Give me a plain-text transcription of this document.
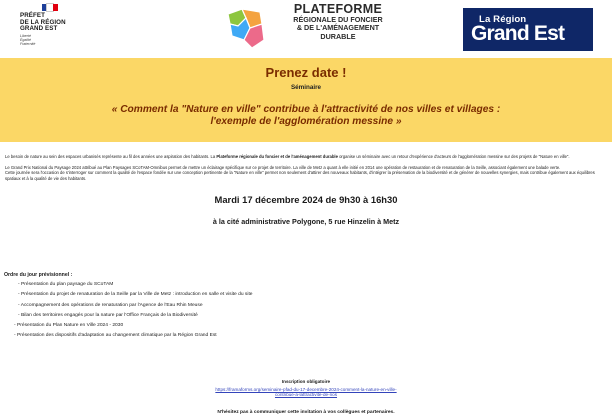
PRÉFET
DE LA RÉGION
GRAND EST
Liberté
Égalité
Fraternité
PLATEFORME
RÉGIONALE DU FONCIER
& DE L'AMÉNAGEMENT
DURABLE
La Région
Grand Est
Prenez date !
Séminaire
« Comment la "Nature en ville" contribue à l'attractivité de nos villes et villages :
l'exemple de l'agglomération messine »

Le besoin de nature au sein des espaces urbanisés représente au fil des années une aspiration des habitants. La Plateforme régionale du foncier et de l'aménagement durable organise un séminaire avec un retour d'expérience d'acteurs de l'agglomération messine sur des projets de "Nature en ville".

Le Grand Prix National du Paysage 2024 attribué au Plan Paysages SCoTAM-Omnibus permet de mettre un éclairage spécifique sur ce projet de territoire. La ville de Metz a quant à elle initié en 2014 une opération de restauration et de renaturation de la Seille, associant également une balade verte.

Cette journée sera l'occasion de s'interroger sur comment la qualité de l'espace fondée sur une conception pertinente de la "Nature en ville" permet non seulement d'attirer des nouveaux habitants, d'intégrer la préservation de la biodiversité et de générer de nouvelles synergies, mais contribue également aux équilibres spatiaux et à la qualité de vie des habitants.

Mardi 17 décembre 2024 de 9h30 à 16h30
à la cité administrative Polygone, 5 rue Hinzelin à Metz
Ordre du jour prévisionnel :
- Présentation du plan paysage du SCoTAM
- Présentation du projet de renaturation de la Seille par la Ville de Metz : introduction en salle et visite du site
- Accompagnement des opérations de renaturation par l'Agence de l'Eau Rhin Meuse
- Bilan des territoires engagés pour la nature par l'Office Français de la Biodiversité
- Présentation du Plan Nature en Ville 2024 - 2030
- Présentation des dispositifs d'adaptation au changement climatique par la Région Grand Est
Inscription obligatoire
https://framaforms.org/seminaire-pfad-du-17-decembre-2024-comment-la-nature-en-ville-
contribue-a-lattractivite-de-nos
N'hésitez pas à communiquer cette invitation à vos collègues et partenaires.
